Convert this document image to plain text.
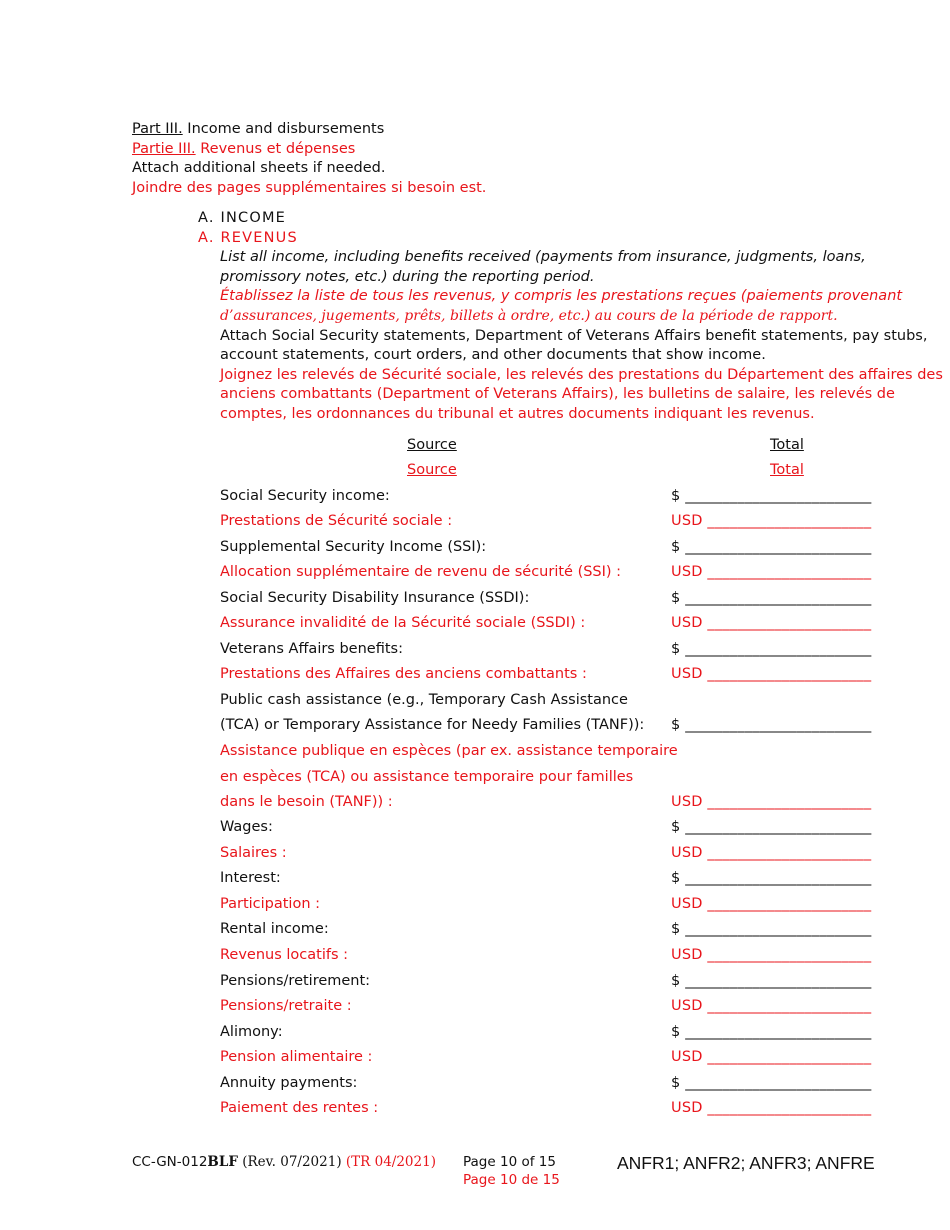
Part III. Income and disbursements
Partie III. Revenus et dépenses
Attach additional sheets if needed.
Joindre des pages supplémentaires si besoin est.
A. INCOME
A. REVENUS
List all income, including benefits received (payments from insurance, judgments, loans,
promissory notes, etc.) during the reporting period.
Établissez la liste de tous les revenus, y compris les prestations reçues (paiements provenant
d’assurances, jugements, prêts, billets à ordre, etc.) au cours de la période de rapport.
Attach Social Security statements, Department of Veterans Affairs benefit statements, pay stubs,
account statements, court orders, and other documents that show income.
Joignez les relevés de Sécurité sociale, les relevés des prestations du Département des affaires des
anciens combattants (Department of Veterans Affairs), les bulletins de salaire, les relevés de
comptes, les ordonnances du tribunal et autres documents indiquant les revenus.
Source
Source
Total
Total
Social Security income:	$ _________________________
Prestations de Sécurité sociale :	USD ______________________
Supplemental Security Income (SSI):	$ _________________________
Allocation supplémentaire de revenu de sécurité (SSI) :	USD ______________________
Social Security Disability Insurance (SSDI):	$ _________________________
Assurance invalidité de la Sécurité sociale (SSDI) :	USD ______________________
Veterans Affairs benefits:	$ _________________________
Prestations des Affaires des anciens combattants :	USD ______________________
Public cash assistance (e.g., Temporary Cash Assistance
(TCA) or Temporary Assistance for Needy Families (TANF)): $ _________________________
Assistance publique en espèces (par ex. assistance temporaire
en espèces (TCA) ou assistance temporaire pour familles
dans le besoin (TANF)) :	USD ______________________
Wages:	$ _________________________
Salaires :	USD ______________________
Interest:	$ _________________________
Participation :	USD ______________________
Rental income:	$ _________________________
Revenus locatifs :	USD ______________________
Pensions/retirement:	$ _________________________
Pensions/retraite :	USD ______________________
Alimony:	$ _________________________
Pension alimentaire :	USD ______________________
Annuity payments:	$ _________________________
Paiement des rentes :	USD ______________________
CC-GN-012BLF (Rev. 07/2021) (TR 04/2021) Page 10 of 15
Page 10 de 15
ANFR1; ANFR2; ANFR3; ANFRE
